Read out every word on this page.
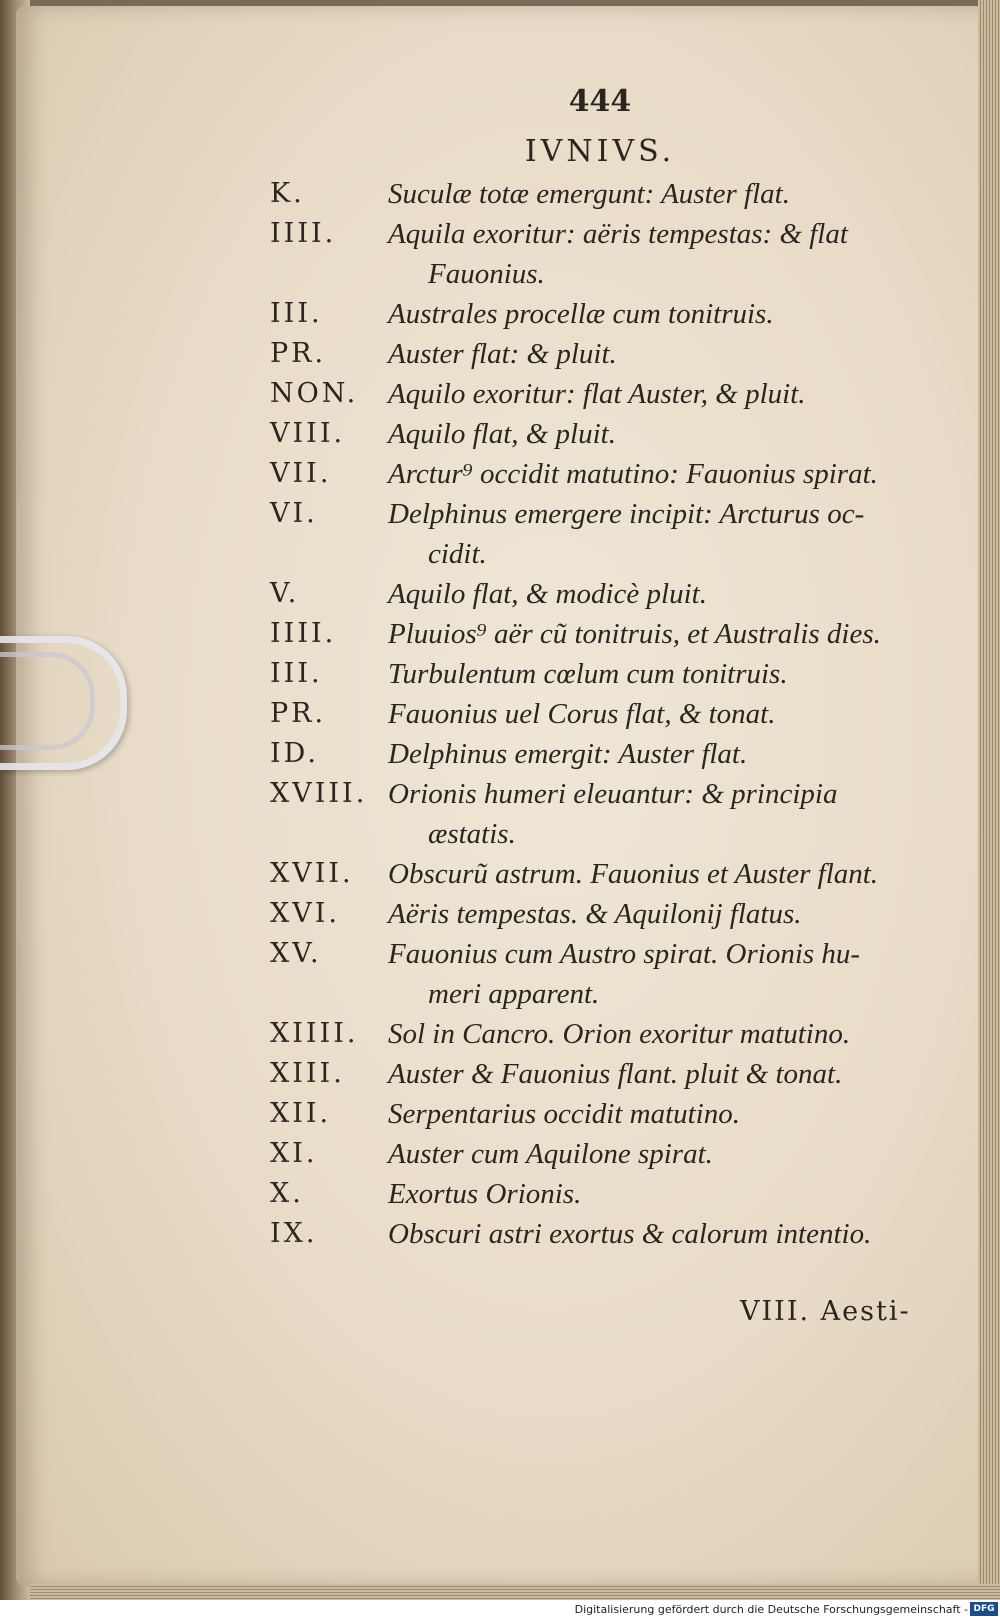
444
IVNIVS.
K.	Suculæ totæ emergunt: Auster flat.
IIII.	Aquila exoritur: aëris tempestas: & flat
Fauonius.
III.	Australes procellæ cum tonitruis.
PR.	Auster flat: & pluit.
NON.	Aquilo exoritur: flat Auster, & pluit.
VIII.	Aquilo flat, & pluit.
VII.	Arctur⁹ occidit matutino: Fauonius spirat.
VI.	Delphinus emergere incipit: Arcturus oc-
cidit.
V.	Aquilo flat, & modicè pluit.
IIII.	Pluuios⁹ aër cũ tonitruis, et Australis dies.
III.	Turbulentum cœlum cum tonitruis.
PR.	Fauonius uel Corus flat, & tonat.
ID.	Delphinus emergit: Auster flat.
XVIII. Orionis humeri eleuantur: & principia
æstatis.
XVII.	Obscurũ astrum. Fauonius et Auster flant.
XVI.	Aëris tempestas. & Aquilonij flatus.
XV.	Fauonius cum Austro spirat. Orionis hu-
meri apparent.
XIIII.	Sol in Cancro. Orion exoritur matutino.
XIII.	Auster & Fauonius flant. pluit & tonat.
XII.	Serpentarius occidit matutino.
XI.	Auster cum Aquilone spirat.
X.	Exortus Orionis.
IX.	Obscuri astri exortus & calorum intentio.
VIII. Aesti-
Digitalisierung gefördert durch die Deutsche Forschungsgemeinschaft - DFG
